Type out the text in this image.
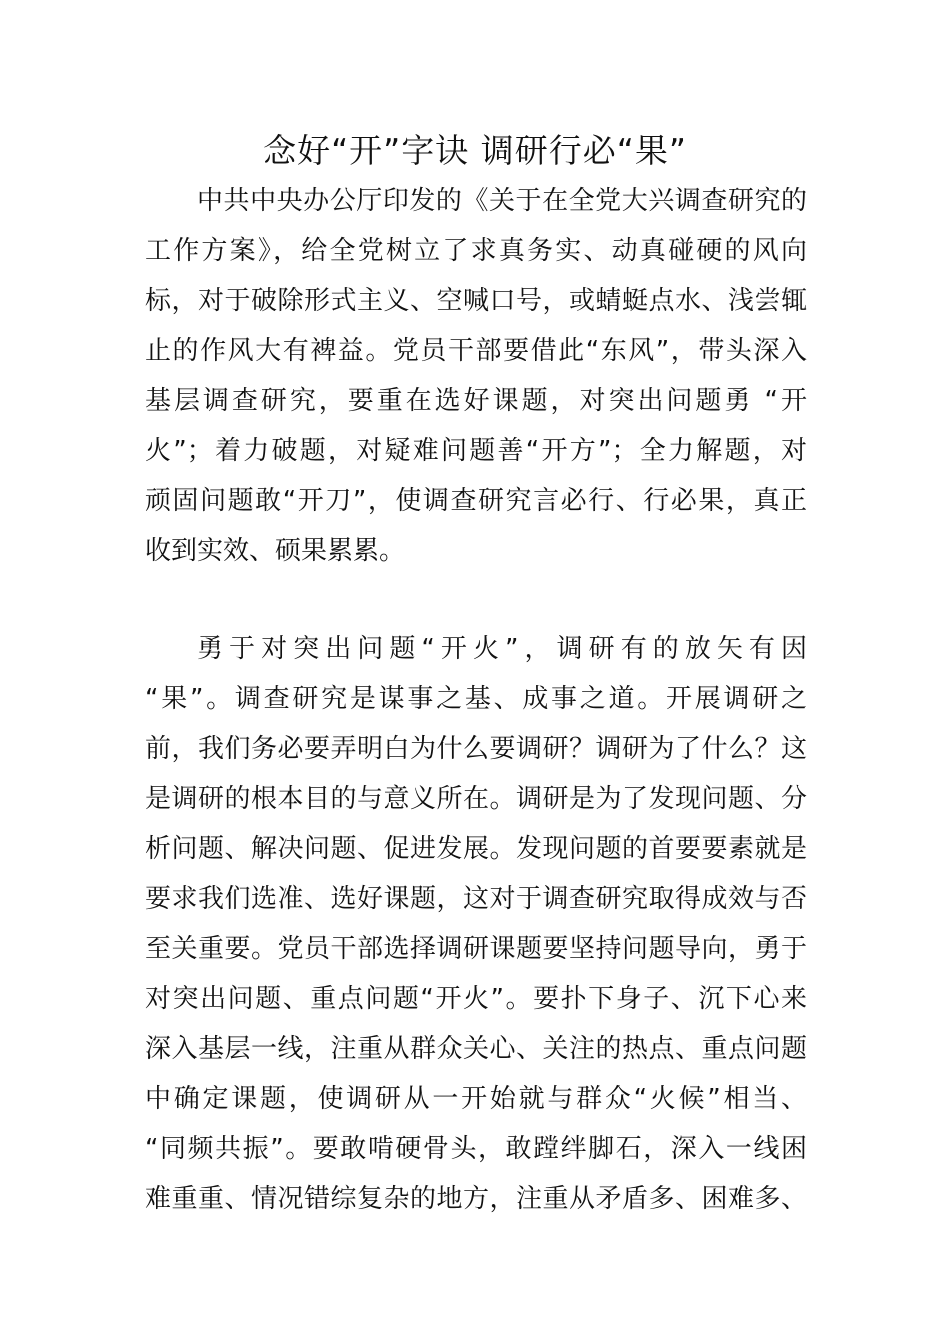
念好“开”字诀 调研行必“果”
中共中央办公厅印发的《关于在全党大兴调查研究的
工作方案》，给全党树立了求真务实、动真碰硬的风向
标，对于破除形式主义、空喊口号，或蜻蜓点水、浅尝辄
止的作风大有裨益。党员干部要借此“东风”，带头深入
基层调查研究，要重在选好课题，对突出问题勇 “开
火”；着力破题，对疑难问题善“开方”；全力解题，对
顽固问题敢“开刀”，使调查研究言必行、行必果，真正
收到实效、硕果累累。
勇于对突出问题“开火”，调研有的放矢有因
“果”。调查研究是谋事之基、成事之道。开展调研之
前，我们务必要弄明白为什么要调研？调研为了什么？这
是调研的根本目的与意义所在。调研是为了发现问题、分
析问题、解决问题、促进发展。发现问题的首要要素就是
要求我们选准、选好课题，这对于调查研究取得成效与否
至关重要。党员干部选择调研课题要坚持问题导向，勇于
对突出问题、重点问题“开火”。要扑下身子、沉下心来
深入基层一线，注重从群众关心、关注的热点、重点问题
中确定课题，使调研从一开始就与群众“火候”相当、
“同频共振”。要敢啃硬骨头，敢蹚绊脚石，深入一线困
难重重、情况错综复杂的地方，注重从矛盾多、困难多、
